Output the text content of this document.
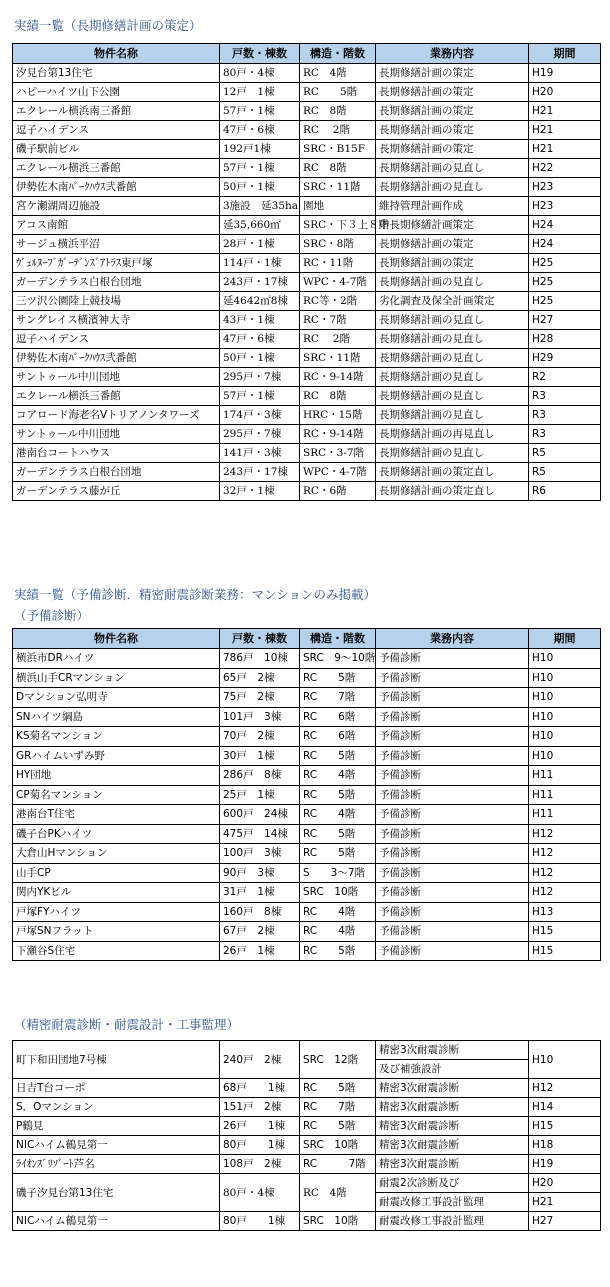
実績一覧（長期修繕計画の策定）
物件名称	戸数・棟数	構造・階数	業務内容	期間
汐見台第13住宅	80戸・4棟	RC　4階	長期修繕計画の策定	H19
ハピーハイツ山下公園	12戸　1棟	RC　　5階	長期修繕計画の策定	H20
エクレール横浜南三番館	57戸・1棟	RC　8階	長期修繕計画の策定	H21
逗子ハイデンス	47戸・6棟	RC　 2階	長期修繕計画の策定	H21
磯子駅前ビル	192戸1棟	SRC・B15F	長期修繕計画の策定	H21
エクレール横浜三番館	57戸・1棟	RC　8階	長期修繕計画の見直し	H22
伊勢佐木南ﾊﾟｰｸﾊｳｽ弐番館	50戸・1棟	SRC・11階	長期修繕計画の見直し	H23
宮ケ瀬湖周辺施設	3施設　延35ha	園地	維持管理計画作成	H23
アコス南館	延35,660㎡	SRC・下３上８階	中長期修繕計画策定	H24
サージュ横浜平沼	28戸・1棟	SRC・8階	長期修繕計画の策定	H24
ｳﾞｪﾙﾇｰﾌﾞｶﾞｰﾃﾞﾝｽﾞｱﾄﾗｽ東戸塚	114戸・1棟	RC・11階	長期修繕計画の策定	H25
ガーデンテラス白根台団地	243戸・17棟	WPC・4-7階	長期修繕計画の見直し	H25
三ツ沢公園陸上競技場	延4642㎡8棟	RC等・2階	劣化調査及保全計画策定	H25
サングレイス横濱神大寺	43戸・1棟	RC・7階	長期修繕計画の見直し	H27
逗子ハイデンス	47戸・6棟	RC　 2階	長期修繕計画の見直し	H28
伊勢佐木南ﾊﾟｰｸﾊｳｽ弐番館	50戸・1棟	SRC・11階	長期修繕計画の見直し	H29
サントゥール中川団地	295戸・7棟	RC・9-14階	長期修繕計画の見直し	R2
エクレール横浜三番館	57戸・1棟	RC　8階	長期修繕計画の見直し	R3
コアロード海老名Vトリアノンタワーズ	174戸・3棟	HRC・15階	長期修繕計画の見直し	R3
サントゥール中川団地	295戸・7棟	RC・9-14階	長期修繕計画の再見直し	R3
港南台コートハウス	141戸・3棟	SRC・3-7階	長期修繕計画の見直し	R5
ガーデンテラス白根台団地	243戸・17棟	WPC・4-7階	長期修繕計画の策定直し	R5
ガーデンテラス藤が丘	32戸・1棟	RC・6階	長期修繕計画の策定直し	R6
実績一覧（予備診断．精密耐震診断業務：マンションのみ掲載）
（予備診断）
物件名称	戸数・棟数	構造・階数	業務内容	期間
横浜市DRハイツ	786戸　10棟	SRC　9～10階	予備診断	H10
横浜山手CRマンション	65戸　2棟	RC　　5階	予備診断	H10
Dマンション弘明寺	75戸　2棟	RC　　7階	予備診断	H10
SNハイツ綱島	101戸　3棟	RC　　6階	予備診断	H10
KS菊名マンション	70戸　2棟	RC　　6階	予備診断	H10
GRハイムいずみ野	30戸　1棟	RC　　5階	予備診断	H10
HY団地	286戸　8棟	RC　　4階	予備診断	H11
CP菊名マンション	25戸　1棟	RC　　5階	予備診断	H11
港南台T住宅	600戸　24棟	RC　　4階	予備診断	H11
磯子台PKハイツ	475戸　14棟	RC　　5階	予備診断	H12
大倉山Hマンション	100戸　3棟	RC　　5階	予備診断	H12
山手CP	90戸　3棟	S　　3～7階	予備診断	H12
関内YKビル	31戸　1棟	SRC　10階	予備診断	H12
戸塚FYハイツ	160戸　8棟	RC　　4階	予備診断	H13
戸塚SNフラット	67戸　2棟	RC　　4階	予備診断	H15
下瀬谷S住宅	26戸　1棟	RC　　5階	予備診断	H15
（精密耐震診断・耐震設計・工事監理）
町下和田団地7号棟	240戸　2棟	SRC　12階	精密3次耐震診断	H10
			及び補強設計	
日吉T台コーポ	68戸　　1棟	RC　　5階	精密3次耐震診断	H12
S．Oマンション	151戸　2棟	RC　　7階	精密3次耐震診断	H14
P鶴見	26戸　　1棟	RC　　5階	精密3次耐震診断	H15
NICハイム鶴見第一	80戸　　1棟	SRC　10階	精密3次耐震診断	H18
ﾗｲｵﾝｽﾞﾘｿﾞｰﾄ芦名	108戸　2棟	RC　　　7階	精密3次耐震診断	H19
磯子汐見台第13住宅	80戸・4棟	RC　4階	耐震2次診断及び	H20
			耐震改修工事設計監理	H21
NICハイム鶴見第一	80戸　　1棟	SRC　10階	耐震改修工事設計監理	H27
